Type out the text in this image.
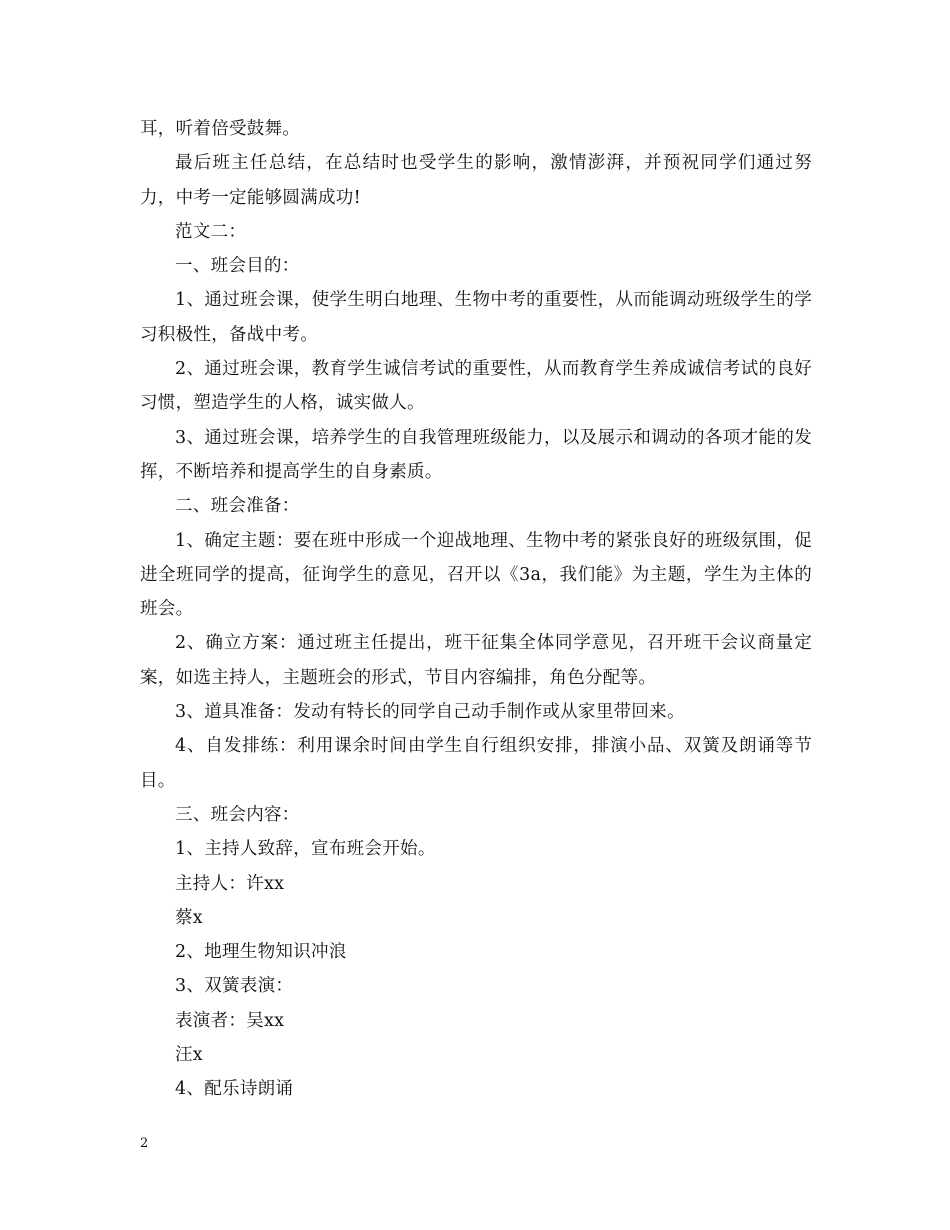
耳，听着倍受鼓舞。

最后班主任总结，在总结时也受学生的影响，激情澎湃，并预祝同学们通过努力，中考一定能够圆满成功!

范文二：

一、班会目的：

1、通过班会课，使学生明白地理、生物中考的重要性，从而能调动班级学生的学习积极性，备战中考。

2、通过班会课，教育学生诚信考试的重要性，从而教育学生养成诚信考试的良好习惯，塑造学生的人格，诚实做人。

3、通过班会课，培养学生的自我管理班级能力，以及展示和调动的各项才能的发挥，不断培养和提高学生的自身素质。

二、班会准备：

1、确定主题：要在班中形成一个迎战地理、生物中考的紧张良好的班级氛围，促进全班同学的提高，征询学生的意见，召开以《3a，我们能》为主题，学生为主体的班会。

2、确立方案：通过班主任提出，班干征集全体同学意见，召开班干会议商量定案，如选主持人，主题班会的形式，节目内容编排，角色分配等。

3、道具准备：发动有特长的同学自己动手制作或从家里带回来。

4、自发排练：利用课余时间由学生自行组织安排，排演小品、双簧及朗诵等节目。

三、班会内容：

1、主持人致辞，宣布班会开始。

主持人：许xx

蔡x

2、地理生物知识冲浪

3、双簧表演：

表演者：吴xx

汪x

4、配乐诗朗诵

2
